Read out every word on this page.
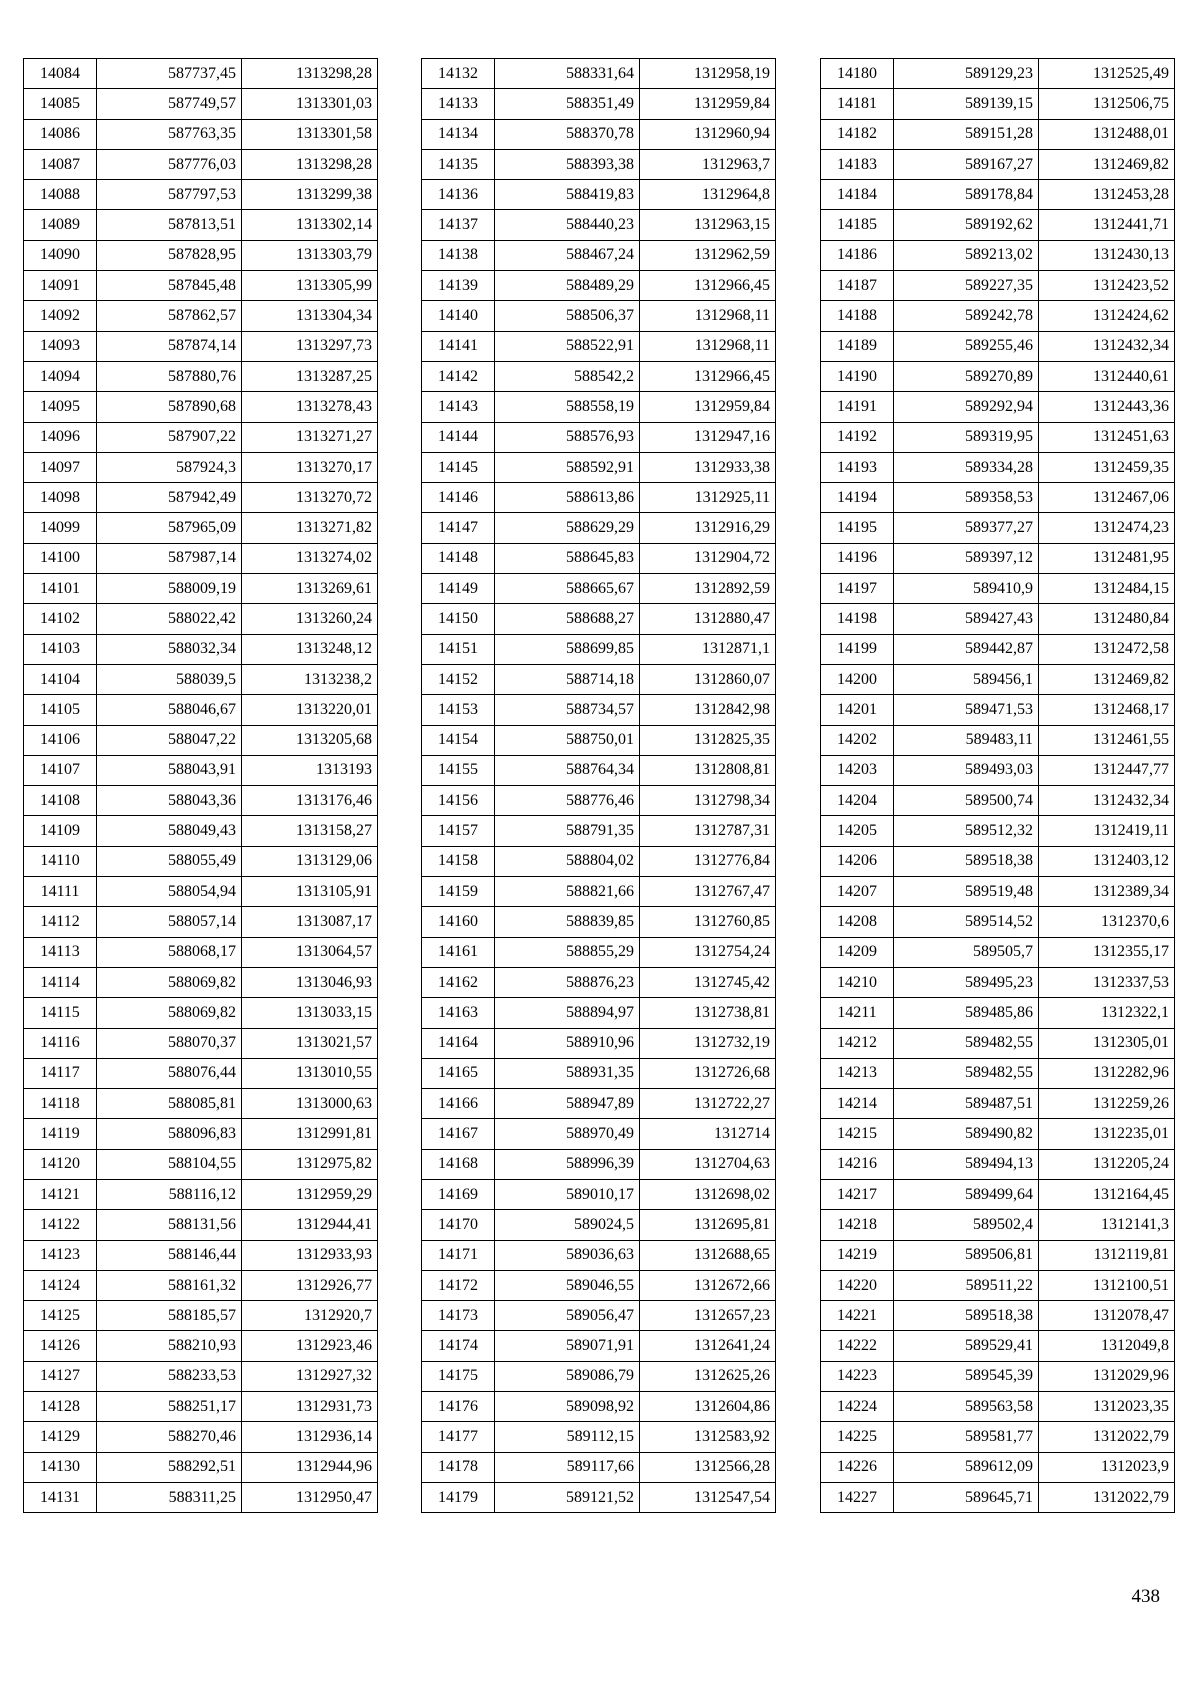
14084	587737,45	1313298,28
14085	587749,57	1313301,03
14086	587763,35	1313301,58
14087	587776,03	1313298,28
14088	587797,53	1313299,38
14089	587813,51	1313302,14
14090	587828,95	1313303,79
14091	587845,48	1313305,99
14092	587862,57	1313304,34
14093	587874,14	1313297,73
14094	587880,76	1313287,25
14095	587890,68	1313278,43
14096	587907,22	1313271,27
14097	587924,3	1313270,17
14098	587942,49	1313270,72
14099	587965,09	1313271,82
14100	587987,14	1313274,02
14101	588009,19	1313269,61
14102	588022,42	1313260,24
14103	588032,34	1313248,12
14104	588039,5	1313238,2
14105	588046,67	1313220,01
14106	588047,22	1313205,68
14107	588043,91	1313193
14108	588043,36	1313176,46
14109	588049,43	1313158,27
14110	588055,49	1313129,06
14111	588054,94	1313105,91
14112	588057,14	1313087,17
14113	588068,17	1313064,57
14114	588069,82	1313046,93
14115	588069,82	1313033,15
14116	588070,37	1313021,57
14117	588076,44	1313010,55
14118	588085,81	1313000,63
14119	588096,83	1312991,81
14120	588104,55	1312975,82
14121	588116,12	1312959,29
14122	588131,56	1312944,41
14123	588146,44	1312933,93
14124	588161,32	1312926,77
14125	588185,57	1312920,7
14126	588210,93	1312923,46
14127	588233,53	1312927,32
14128	588251,17	1312931,73
14129	588270,46	1312936,14
14130	588292,51	1312944,96
14131	588311,25	1312950,47
14132	588331,64	1312958,19
14133	588351,49	1312959,84
14134	588370,78	1312960,94
14135	588393,38	1312963,7
14136	588419,83	1312964,8
14137	588440,23	1312963,15
14138	588467,24	1312962,59
14139	588489,29	1312966,45
14140	588506,37	1312968,11
14141	588522,91	1312968,11
14142	588542,2	1312966,45
14143	588558,19	1312959,84
14144	588576,93	1312947,16
14145	588592,91	1312933,38
14146	588613,86	1312925,11
14147	588629,29	1312916,29
14148	588645,83	1312904,72
14149	588665,67	1312892,59
14150	588688,27	1312880,47
14151	588699,85	1312871,1
14152	588714,18	1312860,07
14153	588734,57	1312842,98
14154	588750,01	1312825,35
14155	588764,34	1312808,81
14156	588776,46	1312798,34
14157	588791,35	1312787,31
14158	588804,02	1312776,84
14159	588821,66	1312767,47
14160	588839,85	1312760,85
14161	588855,29	1312754,24
14162	588876,23	1312745,42
14163	588894,97	1312738,81
14164	588910,96	1312732,19
14165	588931,35	1312726,68
14166	588947,89	1312722,27
14167	588970,49	1312714
14168	588996,39	1312704,63
14169	589010,17	1312698,02
14170	589024,5	1312695,81
14171	589036,63	1312688,65
14172	589046,55	1312672,66
14173	589056,47	1312657,23
14174	589071,91	1312641,24
14175	589086,79	1312625,26
14176	589098,92	1312604,86
14177	589112,15	1312583,92
14178	589117,66	1312566,28
14179	589121,52	1312547,54
14180	589129,23	1312525,49
14181	589139,15	1312506,75
14182	589151,28	1312488,01
14183	589167,27	1312469,82
14184	589178,84	1312453,28
14185	589192,62	1312441,71
14186	589213,02	1312430,13
14187	589227,35	1312423,52
14188	589242,78	1312424,62
14189	589255,46	1312432,34
14190	589270,89	1312440,61
14191	589292,94	1312443,36
14192	589319,95	1312451,63
14193	589334,28	1312459,35
14194	589358,53	1312467,06
14195	589377,27	1312474,23
14196	589397,12	1312481,95
14197	589410,9	1312484,15
14198	589427,43	1312480,84
14199	589442,87	1312472,58
14200	589456,1	1312469,82
14201	589471,53	1312468,17
14202	589483,11	1312461,55
14203	589493,03	1312447,77
14204	589500,74	1312432,34
14205	589512,32	1312419,11
14206	589518,38	1312403,12
14207	589519,48	1312389,34
14208	589514,52	1312370,6
14209	589505,7	1312355,17
14210	589495,23	1312337,53
14211	589485,86	1312322,1
14212	589482,55	1312305,01
14213	589482,55	1312282,96
14214	589487,51	1312259,26
14215	589490,82	1312235,01
14216	589494,13	1312205,24
14217	589499,64	1312164,45
14218	589502,4	1312141,3
14219	589506,81	1312119,81
14220	589511,22	1312100,51
14221	589518,38	1312078,47
14222	589529,41	1312049,8
14223	589545,39	1312029,96
14224	589563,58	1312023,35
14225	589581,77	1312022,79
14226	589612,09	1312023,9
14227	589645,71	1312022,79
438
